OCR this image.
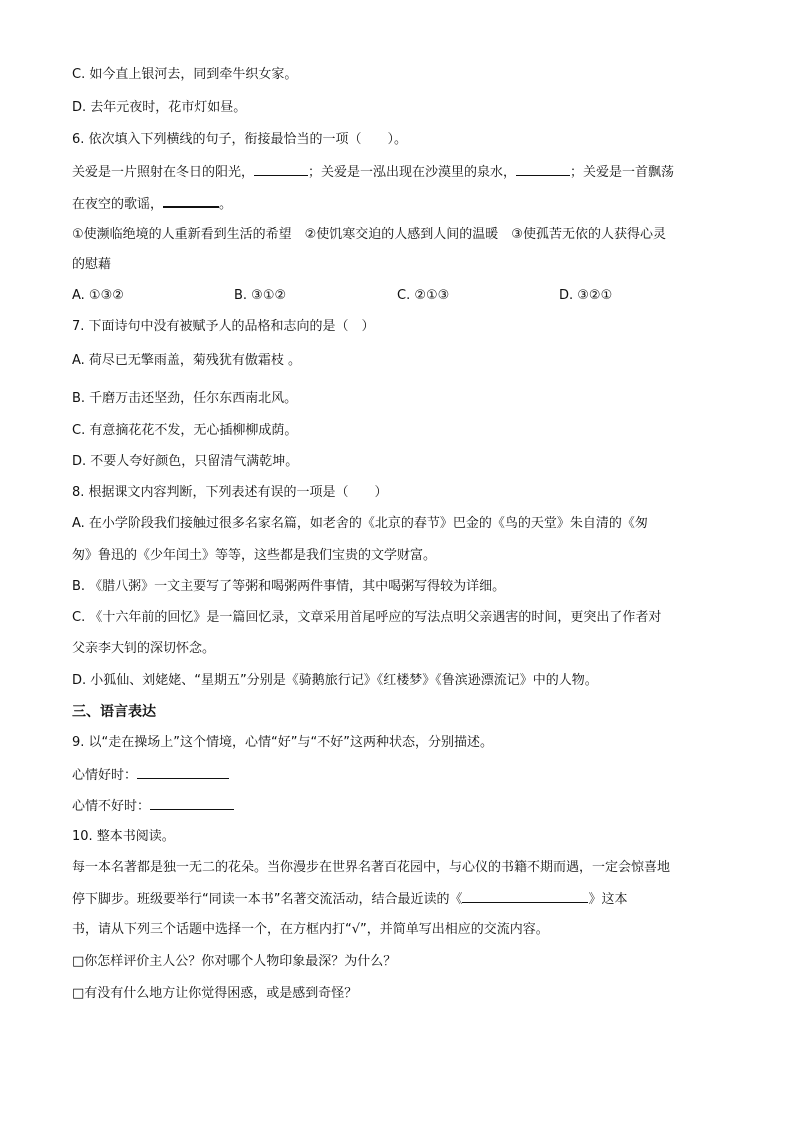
C. 如今直上银河去，同到牵牛织女家。
D. 去年元夜时，花市灯如昼。
6. 依次填入下列横线的句子，衔接最恰当的一项（　　）。
关爱是一片照射在冬日的阳光，	；关爱是一泓出现在沙漠里的泉水，	；关爱是一首飘荡
在夜空的歌谣，	。
①使濒临绝境的人重新看到生活的希望　②使饥寒交迫的人感到人间的温暖　③使孤苦无依的人获得心灵
的慰藉
A. ①③②	B. ③①②	C. ②①③	D. ③②①
7. 下面诗句中没有被赋予人的品格和志向的是（　）
A. 荷尽已无擎雨盖，菊残犹有傲霜枝 。
B. 千磨万击还坚劲，任尔东西南北风。
C. 有意摘花花不发，无心插柳柳成荫。
D. 不要人夸好颜色，只留清气满乾坤。
8. 根据课文内容判断，下列表述有误的一项是（　　）
A. 在小学阶段我们接触过很多名家名篇，如老舍的《北京的春节》巴金的《鸟的天堂》朱自清的《匆
匆》鲁迅的《少年闰土》等等，这些都是我们宝贵的文学财富。
B. 《腊八粥》一文主要写了等粥和喝粥两件事情，其中喝粥写得较为详细。
C. 《十六年前的回忆》是一篇回忆录，文章采用首尾呼应的写法点明父亲遇害的时间，更突出了作者对
父亲李大钊的深切怀念。
D. 小狐仙、刘姥姥、“星期五”分别是《骑鹅旅行记》《红楼梦》《鲁滨逊漂流记》中的人物。
三、语言表达
9. 以“走在操场上”这个情境，心情“好”与“不好”这两种状态，分别描述。
心情好时：
心情不好时：
10. 整本书阅读。
每一本名著都是独一无二的花朵。当你漫步在世界名著百花园中，与心仪的书籍不期而遇，一定会惊喜地
停下脚步。班级要举行“同读一本书”名著交流活动，结合最近读的《	》这本
书，请从下列三个话题中选择一个，在方框内打“√”，并简单写出相应的交流内容。
□你怎样评价主人公？你对哪个人物印象最深？为什么？
□有没有什么地方让你觉得困惑，或是感到奇怪？
